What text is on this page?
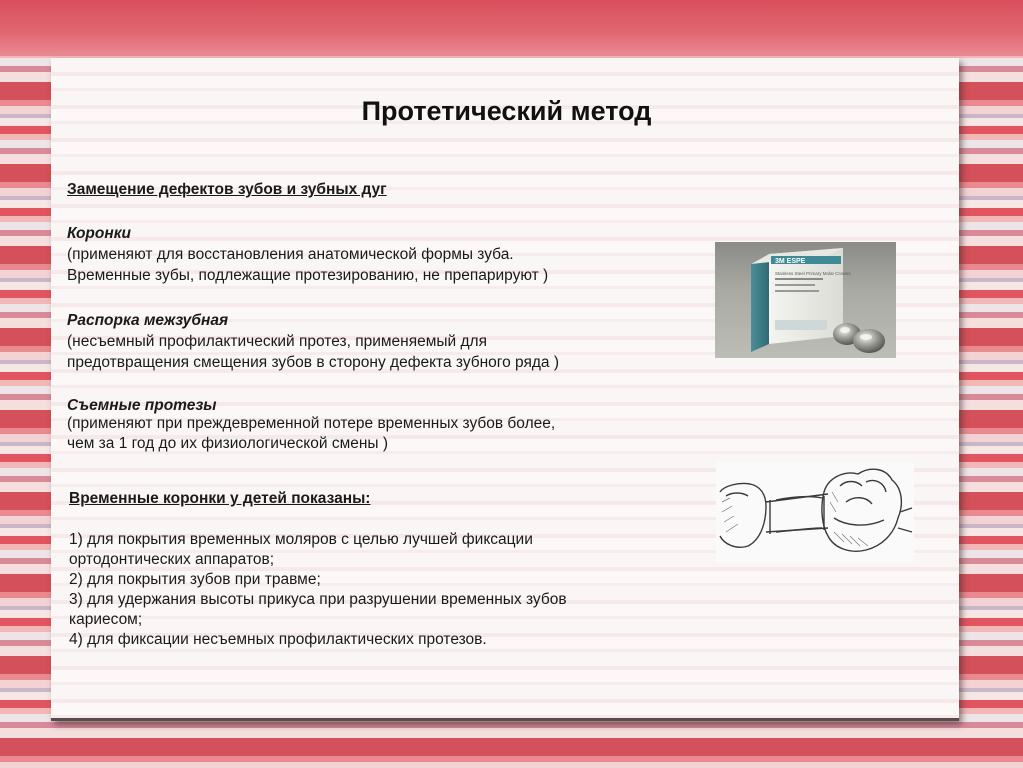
Протетический метод
Замещение дефектов зубов и зубных дуг
Коронки
(применяют для восстановления анатомической формы зуба.
Временные зубы, подлежащие протезированию, не препарируют )
Распорка межзубная
(несъемный профилактический протез, применяемый для
предотвращения смещения зубов в сторону дефекта зубного ряда )
Съемные протезы
(применяют при преждевременной потере временных зубов более,
чем за 1 год до их физиологической смены )
Временные коронки у детей показаны:
1) для покрытия временных моляров с целью лучшей фиксации
ортодонтических аппаратов;
2) для покрытия зубов при травме;
3) для удержания высоты прикуса при разрушении временных зубов
кариесом;
4) для фиксации несъемных профилактических протезов.
3M ESPE
Stainless Steel Primary Molar Crowns
